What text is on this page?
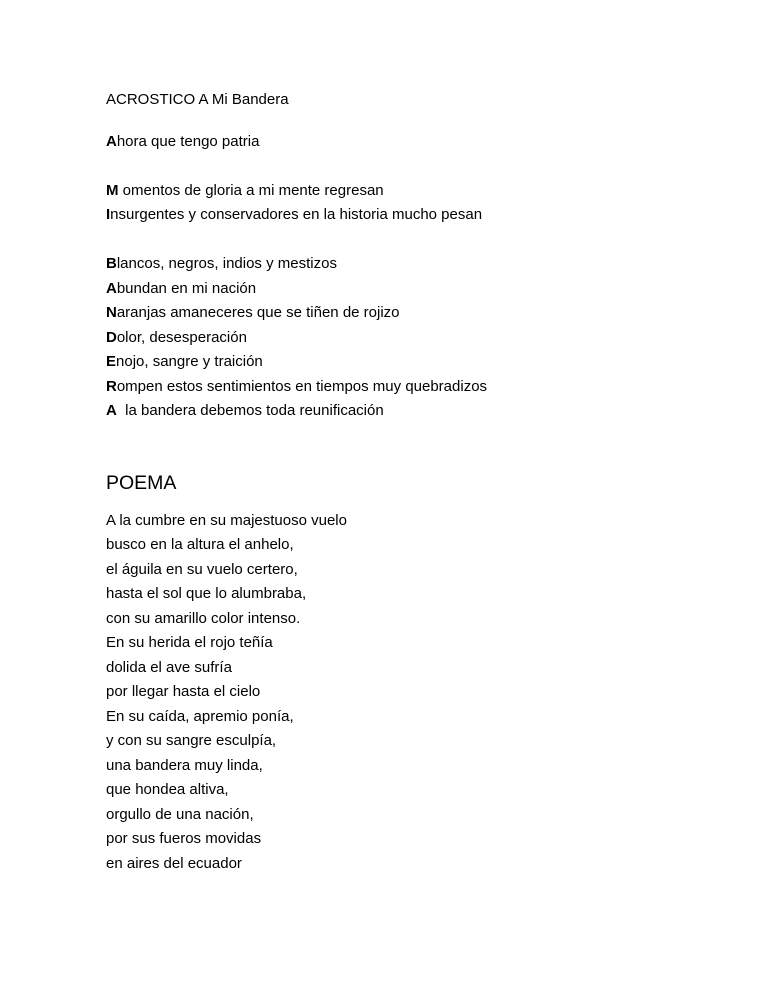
ACROSTICO A Mi Bandera
Ahora que tengo patria
M omentos de gloria a mi mente regresan
Insurgentes y conservadores en la historia mucho pesan
Blancos, negros, indios y mestizos
Abundan en mi nación
Naranjas amaneceres que se tiñen de rojizo
Dolor, desesperación
Enojo, sangre y traición
Rompen estos sentimientos en tiempos muy quebradizos
A  la bandera debemos toda reunificación
POEMA
A la cumbre en su majestuoso vuelo
busco en la altura el anhelo,
el águila en su vuelo certero,
hasta el sol que lo alumbraba,
con su amarillo color intenso.
En su herida el rojo teñía
dolida el ave sufría
por llegar hasta el cielo
En su caída, apremio ponía,
y con su sangre esculpía,
una bandera muy linda,
que hondea altiva,
orgullo de una nación,
por sus fueros movidas
en aires del ecuador
